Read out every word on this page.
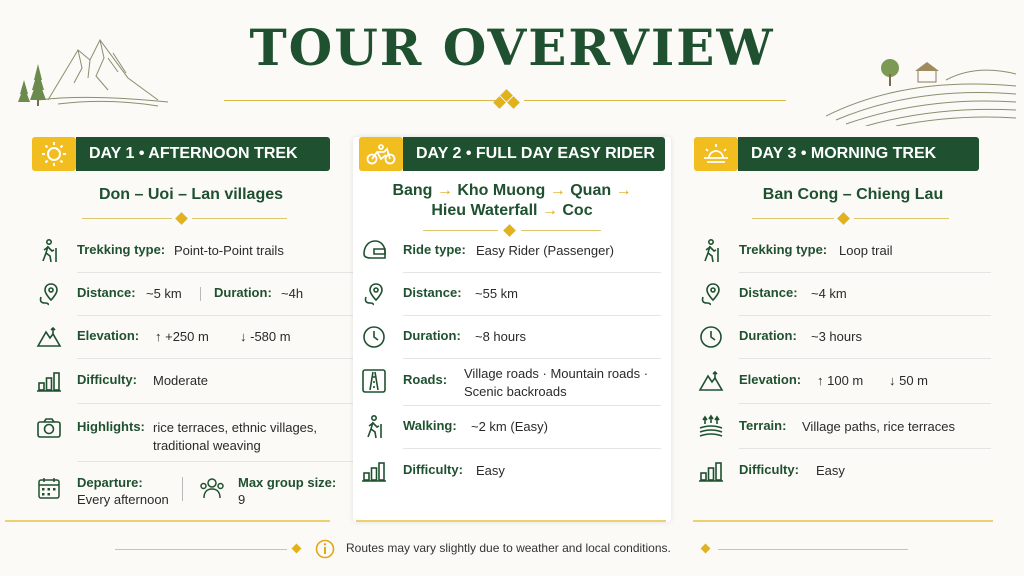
TOUR OVERVIEW
DAY 1 • AFTERNOON TREK
Don – Uoi – Lan villages
Trekking type: Point-to-Point trails
Distance: ~5 km Duration: ~4h
Elevation: ↑ +250 m ↓ -580 m
Difficulty: Moderate
Highlights: rice terraces, ethnic villages,
traditional weaving
Departure:
Every afternoon
Max group size:
9
DAY 2 • FULL DAY EASY RIDER
Bang → Kho Muong → Quan →
Hieu Waterfall → Coc
Ride type: Easy Rider (Passenger)
Distance: ~55 km
Duration: ~8 hours
Roads: Village roads · Mountain roads ·
Scenic backroads
Walking: ~2 km (Easy)
Difficulty: Easy
DAY 3 • MORNING TREK
Ban Cong – Chieng Lau
Trekking type: Loop trail
Distance: ~4 km
Duration: ~3 hours
Elevation: ↑ 100 m ↓ 50 m
Terrain: Village paths, rice terraces
Difficulty: Easy
Routes may vary slightly due to weather and local conditions.
